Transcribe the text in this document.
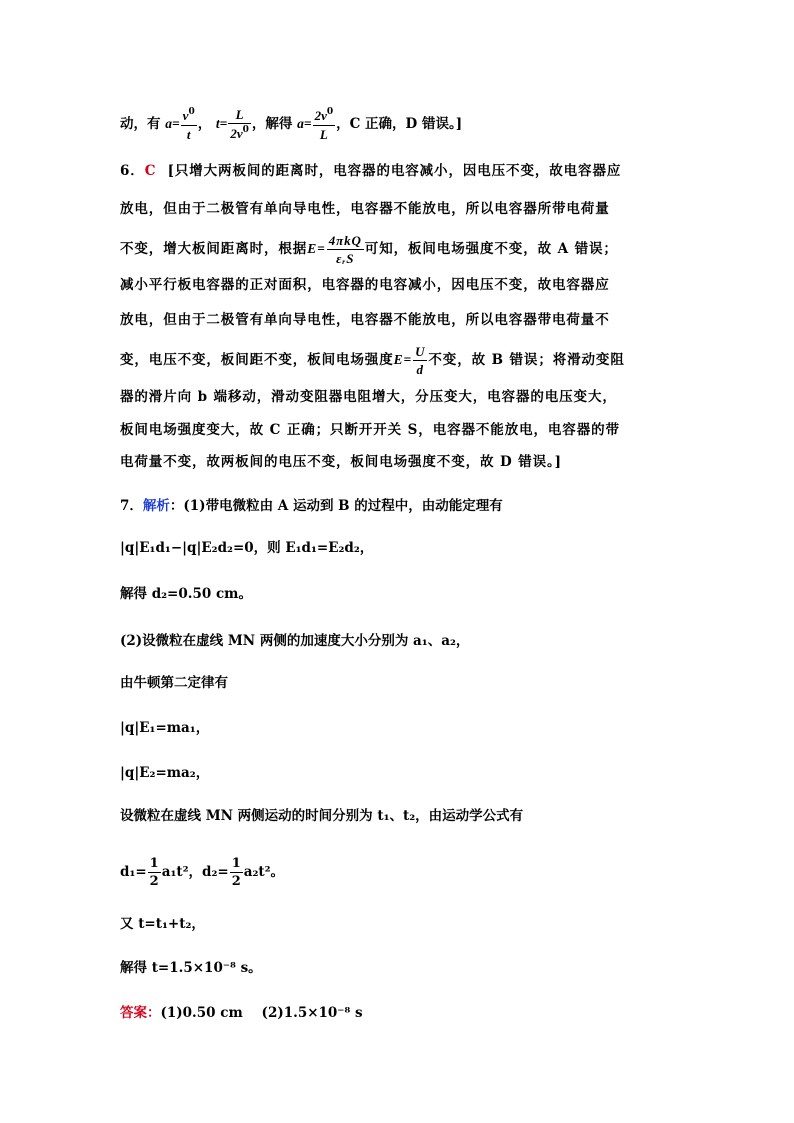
动，有 $a= \frac{v^0}{t}$ ， $t= \frac{L}{2v^0}$ ，解得 $a= \frac{2v^0}{L}$ ，C 正确，D 错误。]
6．C [只增大两板间的距离时，电容器的电容减小，因电压不变，故电容器应
放电，但由于二极管有单向导电性，电容器不能放电，所以电容器所带电荷量
不变，增大板间距离时，根据$E= \frac{\text{4πkQ}}{\text{εᵣS}}$ 可知，板间电场强度不变，故 A 错误；
减小平行板电容器的正对面积，电容器的电容减小，因电压不变，故电容器应
放电，但由于二极管有单向导电性，电容器不能放电，所以电容器带电荷量不
变，电压不变，板间距不变，板间电场强度$E= \frac{U}{d}$ 不变，故 B 错误；将滑动变阻
器的滑片向 b 端移动，滑动变阻器电阻增大，分压变大，电容器的电压变大，
板间电场强度变大，故 C 正确；只断开开关 S，电容器不能放电，电容器的带
电荷量不变，故两板间的电压不变，板间电场强度不变，故 D 错误。]
7．解析：(1)带电微粒由 A 运动到 B 的过程中，由动能定理有
|q|E₁d₁−|q|E₂d₂=0，则 E₁d₁=E₂d₂，
解得 d₂=0.50 cm。
(2)设微粒在虚线 MN 两侧的加速度大小分别为 a₁、a₂，
由牛顿第二定律有
|q|E₁=ma₁，
|q|E₂=ma₂，
设微粒在虚线 MN 两侧运动的时间分别为 t₁、t₂，由运动学公式有
$d_1= \frac{1}{2} a_1t^2$，$d_2= \frac{1}{2} a_2t^2$。
又 t=t₁+t₂，
解得 t=1.5×10⁻⁸ s。
答案：(1)0.50 cm    (2)1.5×10⁻⁸ s
